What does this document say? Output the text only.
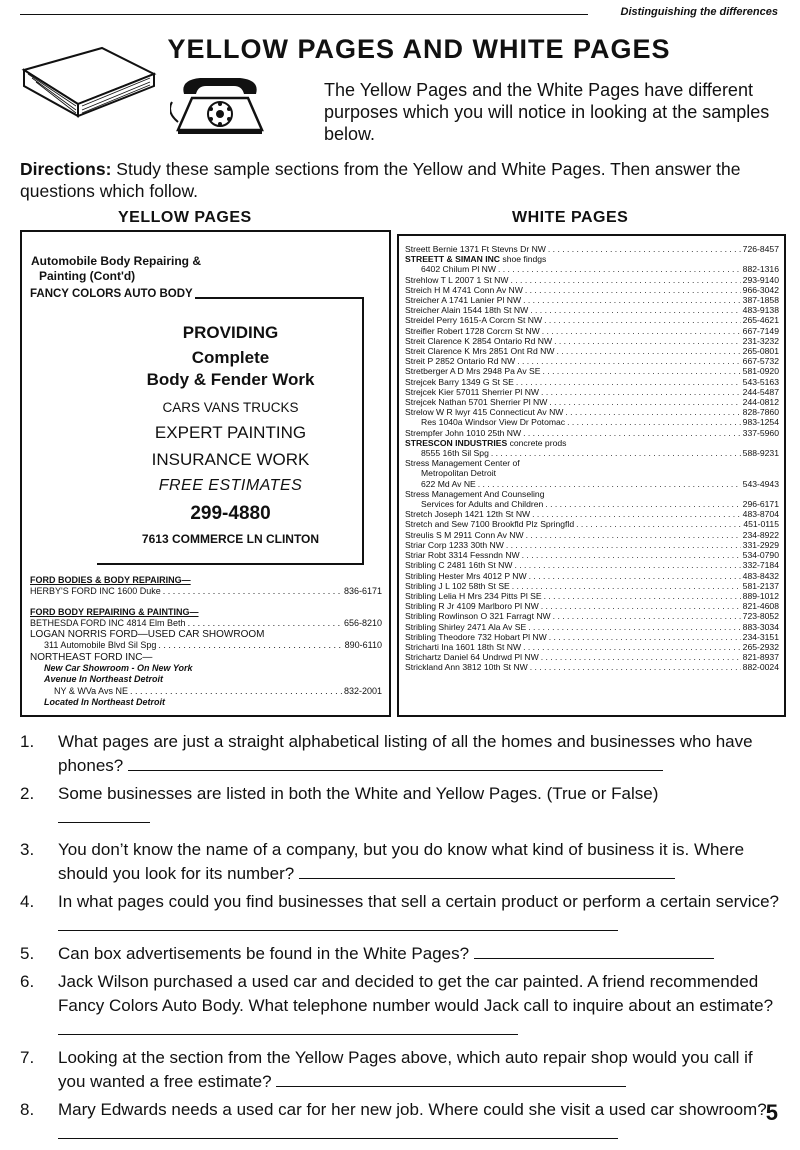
Distinguishing the differences
YELLOW PAGES AND WHITE PAGES
The Yellow Pages and the White Pages have different purposes which you will notice in looking at the samples below.
Directions: Study these sample sections from the Yellow and White Pages. Then answer the questions which follow.
YELLOW PAGES	WHITE PAGES
Automobile Body Repairing &
Painting (Cont'd)
FANCY COLORS AUTO BODY
PROVIDING
Complete
Body & Fender Work
CARS VANS TRUCKS
EXPERT PAINTING
INSURANCE WORK
FREE ESTIMATES
299-4880
7613 COMMERCE LN CLINTON
FORD BODIES & BODY REPAIRING—
HERBY'S FORD INC 1600 Duke . . .	836-6171
FORD BODY REPAIRING & PAINTING—
BETHESDA FORD INC 4814 Elm Beth . . .	656-8210
LOGAN NORRIS FORD—USED CAR SHOWROOM
311 Automobile Blvd Sil Spg . . .	890-6110
NORTHEAST FORD INC—
New Car Showroom - On New York
Avenue In Northeast Detroit
NY & WVa Avs NE . . .	832-2001
Located In Northeast Detroit
Streett Bernie 1371 Ft Stevns Dr NW . . .	726-8457
STREETT & SIMAN INC shoe findgs
6402 Chilum Pl NW . . .	882-1316
Strehlow T L 2007 1 St NW . . .	293-9140
Streich H M 4741 Conn Av NW . . .	966-3042
Streicher A 1741 Lanier Pl NW . . .	387-1858
Streicher Alain 1544 18th St NW . . .	483-9138
Streidel Perry 1615-A Corcrn St NW . . .	265-4621
Streifler Robert 1728 Corcrn St NW . . .	667-7149
Streit Clarence K 2854 Ontario Rd NW . . .	231-3232
Streit Clarence K Mrs 2851 Ont Rd NW . . .	265-0801
Streit P 2852 Ontario Rd NW . . .	667-5732
Stretberger A D Mrs 2948 Pa Av SE . . .	581-0920
Strejcek Barry 1349 G St SE . . .	543-5163
Strejcek Kier 57011 Sherrier Pl NW . . .	244-5487
Strejcek Nathan 5701 Sherrier Pl NW . . .	244-0812
Strelow W R lwyr 415 Connecticut Av NW . . .	828-7860
Res 1040a Windsor View Dr Potomac . . .	983-1254
Strempfer John 1010 25th NW . . .	337-5960
STRESCON INDUSTRIES concrete prods
8555 16th Sil Spg . . .	588-9231
Stress Management Center of
Metropolitan Detroit
622 Md Av NE . . .	543-4943
Stress Management And Counseling
Services for Adults and Children . . .	296-6171
Stretch Joseph 1421 12th St NW . . .	483-8704
Stretch and Sew 7100 Brookfld Plz Springfld . . .	451-0115
Streulis S M 2911 Conn Av NW . . .	234-8922
Striar Corp 1233 30th NW . . .	331-2929
Striar Robt 3314 Fessndn NW . . .	534-0790
Stribling C 2481 16th St NW . . .	332-7184
Stribling Hester Mrs 4012 P NW . . .	483-8432
Stribling J L 102 58th St SE . . .	581-2137
Stribling Lelia H Mrs 234 Pitts Pl SE . . .	889-1012
Stribling R Jr 4109 Marlboro Pl NW . . .	821-4608
Stribling Rowlinson O 321 Farragt NW . . .	723-8052
Stribling Shirley 2471 Ala Av SE . . .	883-3034
Stribling Theodore 732 Hobart Pl NW . . .	234-3151
Stricharti Ina 1601 18th St NW . . .	265-2932
Strichartz Daniel 64 Undrwd Pl NW . . .	821-8937
Strickland Ann 3812 10th St NW . . .	882-0024
1.	What pages are just a straight alphabetical listing of all the homes and businesses who have phones?
2.	Some businesses are listed in both the White and Yellow Pages. (True or False)
3.	You don’t know the name of a company, but you do know what kind of business it is. Where should you look for its number?
4.	In what pages could you find businesses that sell a certain product or perform a certain service?
5.	Can box advertisements be found in the White Pages?
6.	Jack Wilson purchased a used car and decided to get the car painted. A friend recommended Fancy Colors Auto Body. What telephone number would Jack call to inquire about an estimate?
7.	Looking at the section from the Yellow Pages above, which auto repair shop would you call if you wanted a free estimate?
8.	Mary Edwards needs a used car for her new job. Where could she visit a used car showroom? 5
